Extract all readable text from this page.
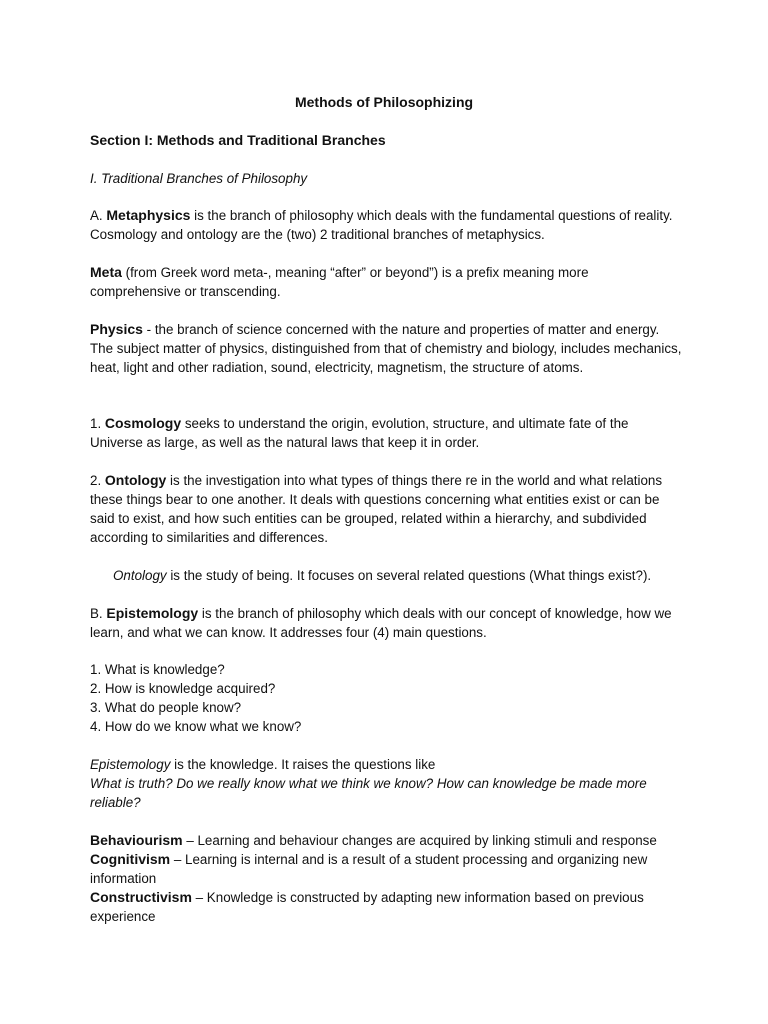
Methods of Philosophizing

Section I: Methods and Traditional Branches

I. Traditional Branches of Philosophy

A. Metaphysics is the branch of philosophy which deals with the fundamental questions of reality. Cosmology and ontology are the (two) 2 traditional branches of metaphysics.

Meta (from Greek word meta-, meaning “after” or beyond”) is a prefix meaning more comprehensive or transcending.

Physics - the branch of science concerned with the nature and properties of matter and energy. The subject matter of physics, distinguished from that of chemistry and biology, includes mechanics, heat, light and other radiation, sound, electricity, magnetism, the structure of atoms.

1. Cosmology seeks to understand the origin, evolution, structure, and ultimate fate of the Universe as large, as well as the natural laws that keep it in order.

2. Ontology is the investigation into what types of things there re in the world and what relations these things bear to one another. It deals with questions concerning what entities exist or can be said to exist, and how such entities can be grouped, related within a hierarchy, and subdivided according to similarities and differences.

Ontology is the study of being. It focuses on several related questions (What things exist?).

B. Epistemology is the branch of philosophy which deals with our concept of knowledge, how we learn, and what we can know. It addresses four (4) main questions.

1. What is knowledge?
2. How is knowledge acquired?
3. What do people know?
4. How do we know what we know?
Epistemology is the knowledge. It raises the questions like
What is truth? Do we really know what we think we know? How can knowledge be made more reliable?
Behaviourism – Learning and behaviour changes are acquired by linking stimuli and response
Cognitivism – Learning is internal and is a result of a student processing and organizing new information
Constructivism – Knowledge is constructed by adapting new information based on previous experience
